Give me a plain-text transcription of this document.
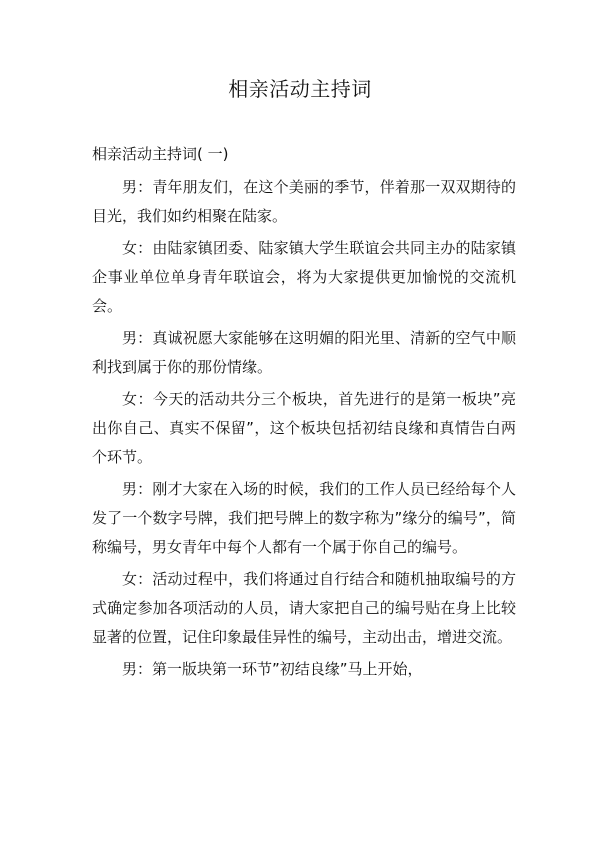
相亲活动主持词

相亲活动主持词( 一)

男：青年朋友们，在这个美丽的季节，伴着那一双双期待的目光，我们如约相聚在陆家。

女：由陆家镇团委、陆家镇大学生联谊会共同主办的陆家镇企事业单位单身青年联谊会，将为大家提供更加愉悦的交流机会。

男：真诚祝愿大家能够在这明媚的阳光里、清新的空气中顺利找到属于你的那份情缘。

女：今天的活动共分三个板块，首先进行的是第一板块”亮出你自己、真实不保留”，这个板块包括初结良缘和真情告白两个环节。

男：刚才大家在入场的时候，我们的工作人员已经给每个人发了一个数字号牌，我们把号牌上的数字称为”缘分的编号”，简称编号，男女青年中每个人都有一个属于你自己的编号。

女：活动过程中，我们将通过自行结合和随机抽取编号的方式确定参加各项活动的人员，请大家把自己的编号贴在身上比较显著的位置，记住印象最佳异性的编号，主动出击，增进交流。

男：第一版块第一环节”初结良缘”马上开始，
